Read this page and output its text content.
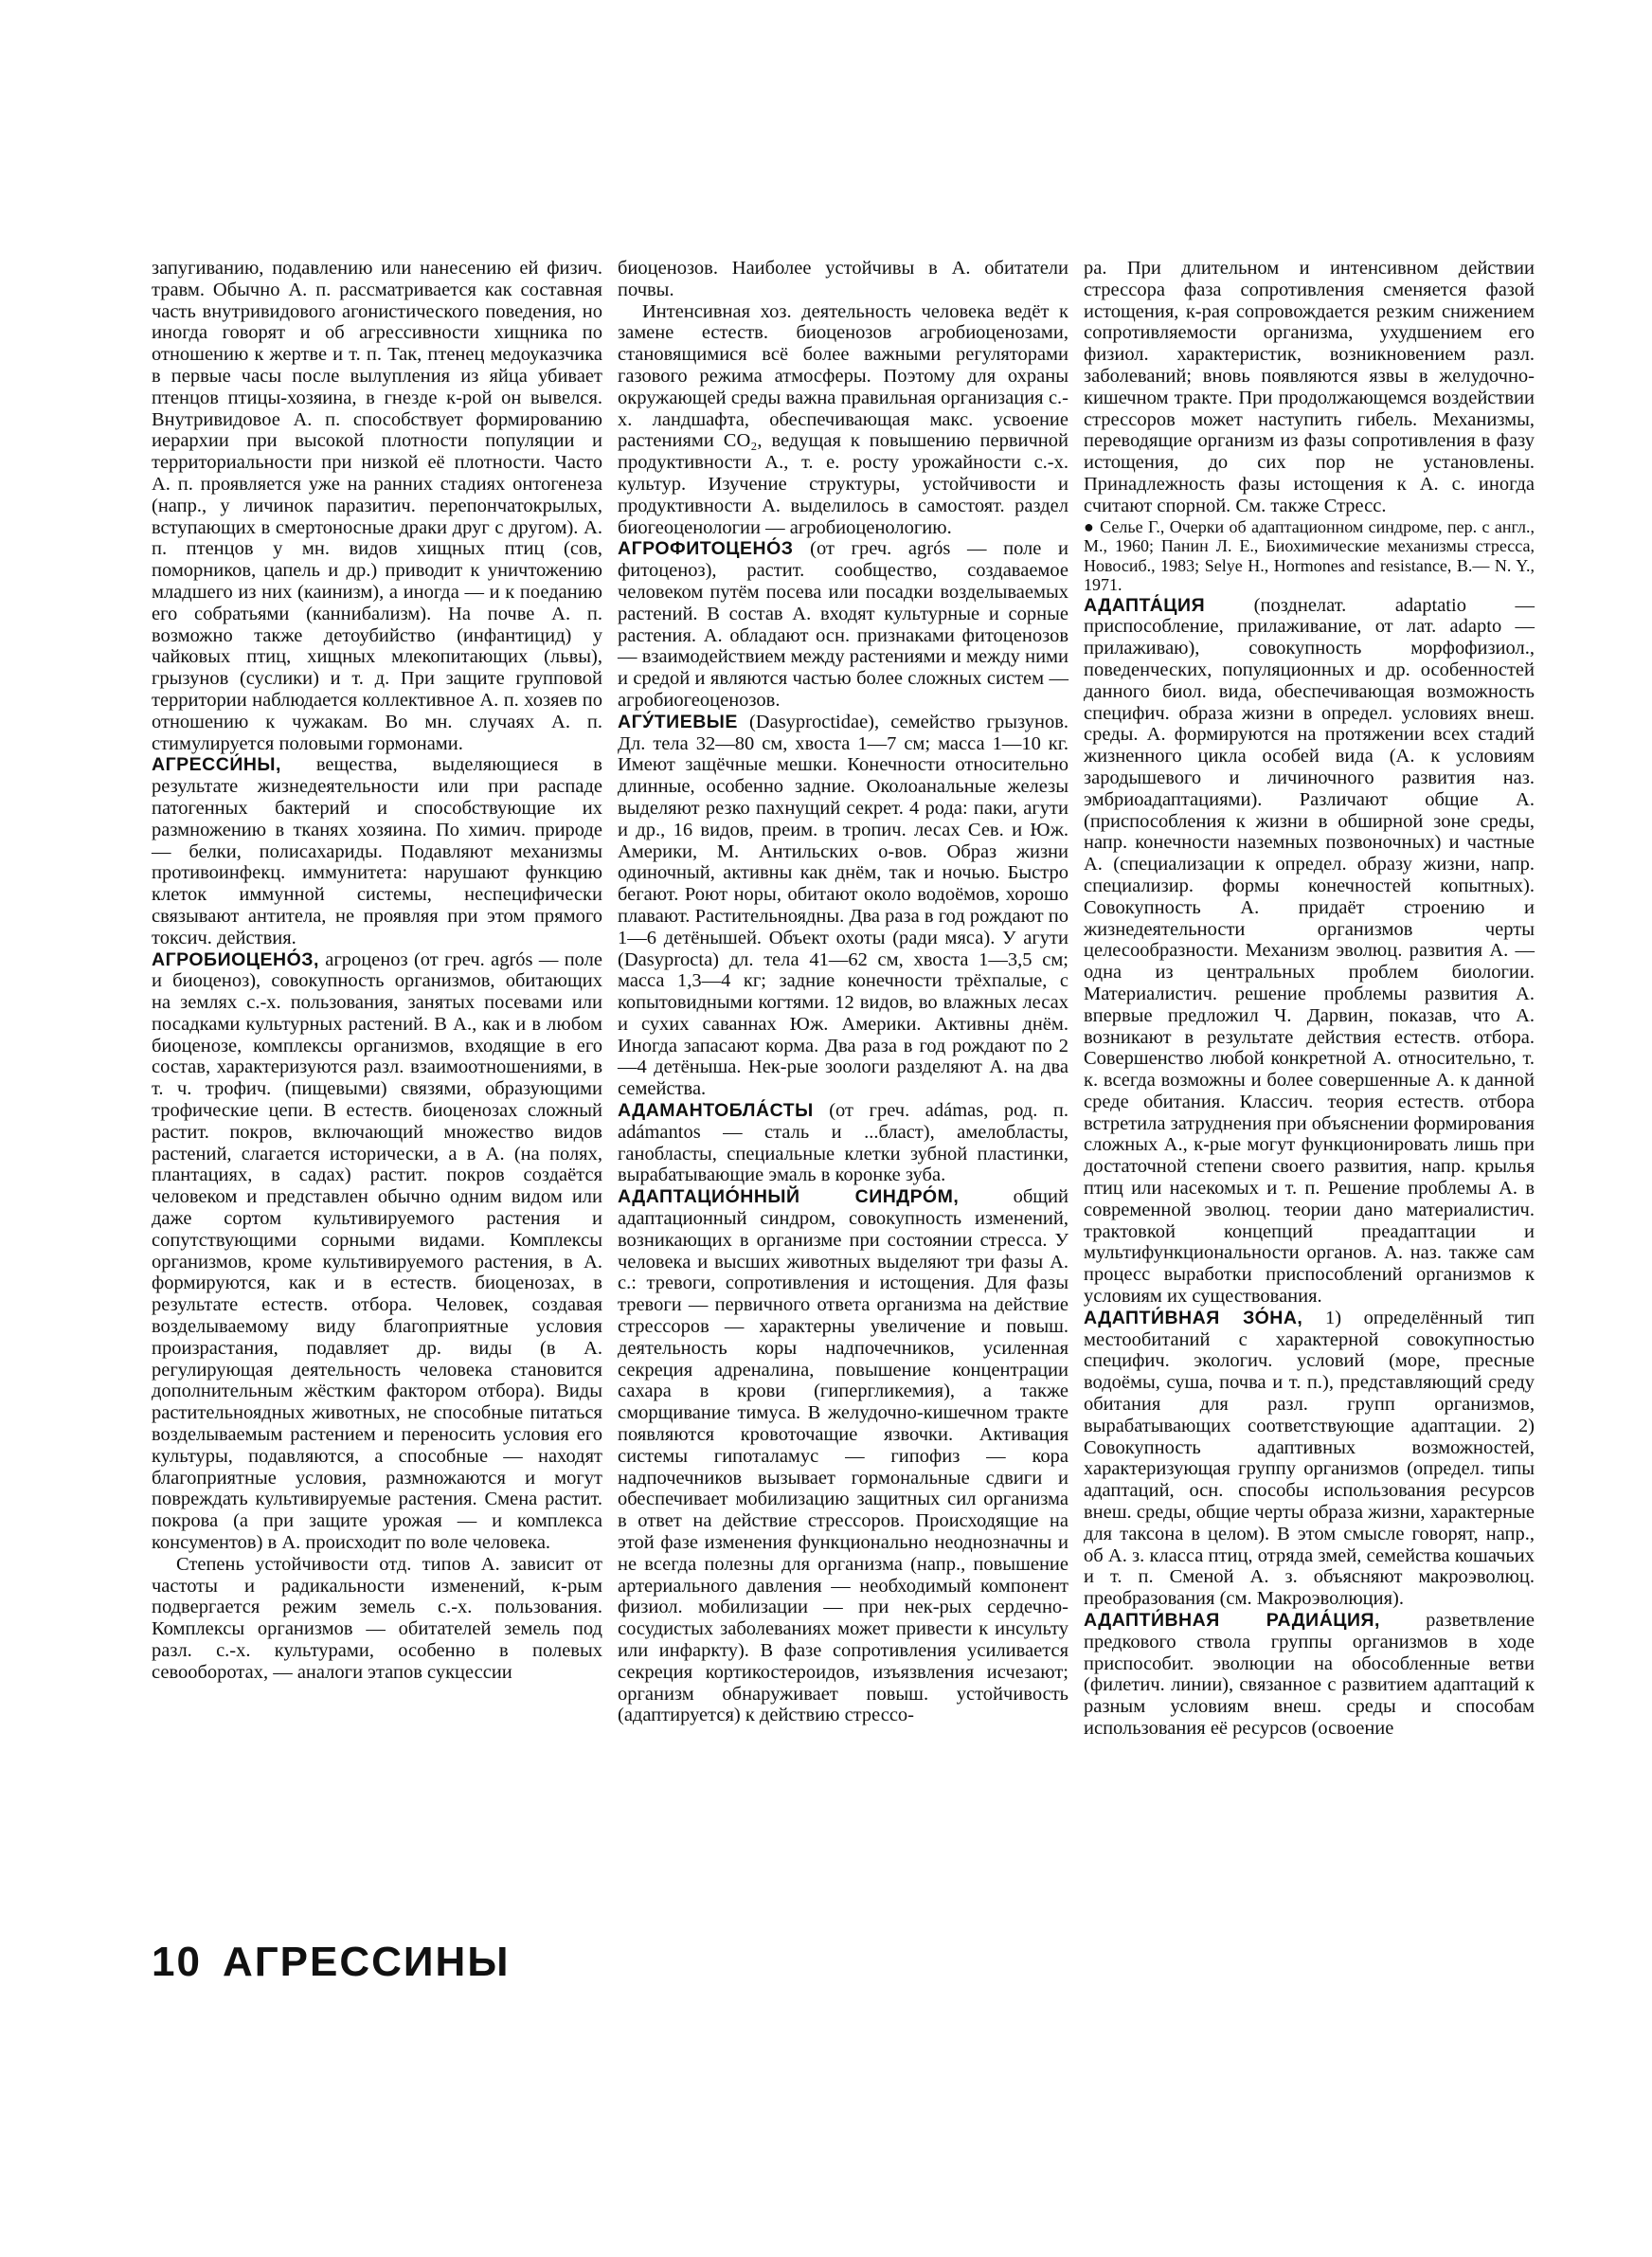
запугиванию, подавлению или нанесению ей физич. травм. Обычно А. п. рассматривается как составная часть внутривидового агонистического поведения, но иногда говорят и об агрессивности хищника по отношению к жертве и т. п. Так, птенец медоуказчика в первые часы после вылупления из яйца убивает птенцов птицы-хозяина, в гнезде к-рой он вывелся. Внутривидовое А. п. способствует формированию иерархии при высокой плотности популяции и территориальности при низкой её плотности. Часто А. п. проявляется уже на ранних стадиях онтогенеза (напр., у личинок паразитич. перепончатокрылых, вступающих в смертоносные драки друг с другом). А. п. птенцов у мн. видов хищных птиц (сов, поморников, цапель и др.) приводит к уничтожению младшего из них (каинизм), а иногда — и к поеданию его собратьями (каннибализм). На почве А. п. возможно также детоубийство (инфантицид) у чайковых птиц, хищных млекопитающих (львы), грызунов (суслики) и т. д. При защите групповой территории наблюдается коллективное А. п. хозяев по отношению к чужакам. Во мн. случаях А. п. стимулируется половыми гормонами.

АГРЕССИ́НЫ, вещества, выделяющиеся в результате жизнедеятельности или при распаде патогенных бактерий и способствующие их размножению в тканях хозяина. По химич. природе — белки, полисахариды. Подавляют механизмы противоинфекц. иммунитета: нарушают функцию клеток иммунной системы, неспецифически связывают антитела, не проявляя при этом прямого токсич. действия.

АГРОБИОЦЕНО́З, агроценоз (от греч. agrós — поле и биоценоз), совокупность организмов, обитающих на землях с.-х. пользования, занятых посевами или посадками культурных растений. В А., как и в любом биоценозе, комплексы организмов, входящие в его состав, характеризуются разл. взаимоотношениями, в т. ч. трофич. (пищевыми) связями, образующими трофические цепи. В естеств. биоценозах сложный растит. покров, включающий множество видов растений, слагается исторически, а в А. (на полях, плантациях, в садах) растит. покров создаётся человеком и представлен обычно одним видом или даже сортом культивируемого растения и сопутствующими сорными видами. Комплексы организмов, кроме культивируемого растения, в А. формируются, как и в естеств. биоценозах, в результате естеств. отбора. Человек, создавая возделываемому виду благоприятные условия произрастания, подавляет др. виды (в А. регулирующая деятельность человека становится дополнительным жёстким фактором отбора). Виды растительноядных животных, не способные питаться возделываемым растением и переносить условия его культуры, подавляются, а способные — находят благоприятные условия, размножаются и могут повреждать культивируемые растения. Смена растит. покрова (а при защите урожая — и комплекса консументов) в А. происходит по воле человека.

Степень устойчивости отд. типов А. зависит от частоты и радикальности изменений, к-рым подвергается режим земель с.-х. пользования. Комплексы организмов — обитателей земель под разл. с.-х. культурами, особенно в полевых севооборотах, — аналоги этапов сукцессии

биоценозов. Наиболее устойчивы в А. обитатели почвы.

Интенсивная хоз. деятельность человека ведёт к замене естеств. биоценозов агробиоценозами, становящимися всё более важными регуляторами газового режима атмосферы. Поэтому для охраны окружающей среды важна правильная организация с.-х. ландшафта, обеспечивающая макс. усвоение растениями CO₂, ведущая к повышению первичной продуктивности А., т. е. росту урожайности с.-х. культур. Изучение структуры, устойчивости и продуктивности А. выделилось в самостоят. раздел биогеоценологии — агробиоценологию.

АГРОФИТОЦЕНО́З (от греч. agrós — поле и фитоценоз), растит. сообщество, создаваемое человеком путём посева или посадки возделываемых растений. В состав А. входят культурные и сорные растения. А. обладают осн. признаками фитоценозов — взаимодействием между растениями и между ними и средой и являются частью более сложных систем — агробиогеоценозов.

АГУ́ТИЕВЫЕ (Dasyproctidae), семейство грызунов. Дл. тела 32—80 см, хвоста 1—7 см; масса 1—10 кг. Имеют защёчные мешки. Конечности относительно длинные, особенно задние. Околоанальные железы выделяют резко пахнущий секрет. 4 рода: паки, агути и др., 16 видов, преим. в тропич. лесах Сев. и Юж. Америки, М. Антильских о-вов. Образ жизни одиночный, активны как днём, так и ночью. Быстро бегают. Роют норы, обитают около водоёмов, хорошо плавают. Растительноядны. Два раза в год рождают по 1—6 детёнышей. Объект охоты (ради мяса). У агути (Dasyprocta) дл. тела 41—62 см, хвоста 1—3,5 см; масса 1,3—4 кг; задние конечности трёхпалые, с копытовидными когтями. 12 видов, во влажных лесах и сухих саваннах Юж. Америки. Активны днём. Иногда запасают корма. Два раза в год рождают по 2—4 детёныша. Нек-рые зоологи разделяют А. на два семейства.

АДАМАНТОБЛА́СТЫ (от греч. adámas, род. п. adámantos — сталь и ...бласт), амелобласты, ганобласты, специальные клетки зубной пластинки, вырабатывающие эмаль в коронке зуба.

АДАПТАЦИО́ННЫЙ СИНДРО́М, общий адаптационный синдром, совокупность изменений, возникающих в организме при состоянии стресса. У человека и высших животных выделяют три фазы А. с.: тревоги, сопротивления и истощения. Для фазы тревоги — первичного ответа организма на действие стрессоров — характерны увеличение и повыш. деятельность коры надпочечников, усиленная секреция адреналина, повышение концентрации сахара в крови (гипергликемия), а также сморщивание тимуса. В желудочно-кишечном тракте появляются кровоточащие язвочки. Активация системы гипоталамус — гипофиз — кора надпочечников вызывает гормональные сдвиги и обеспечивает мобилизацию защитных сил организма в ответ на действие стрессоров. Происходящие на этой фазе изменения функционально неоднозначны и не всегда полезны для организма (напр., повышение артериального давления — необходимый компонент физиол. мобилизации — при нек-рых сердечно-сосудистых заболеваниях может привести к инсульту или инфаркту). В фазе сопротивления усиливается секреция кортикостероидов, изъязвления исчезают; организм обнаруживает повыш. устойчивость (адаптируется) к действию стрессо-

ра. При длительном и интенсивном действии стрессора фаза сопротивления сменяется фазой истощения, к-рая сопровождается резким снижением сопротивляемости организма, ухудшением его физиол. характеристик, возникновением разл. заболеваний; вновь появляются язвы в желудочно-кишечном тракте. При продолжающемся воздействии стрессоров может наступить гибель. Механизмы, переводящие организм из фазы сопротивления в фазу истощения, до сих пор не установлены. Принадлежность фазы истощения к А. с. иногда считают спорной. См. также Стресс.

● Селье Г., Очерки об адаптационном синдроме, пер. с англ., М., 1960; Панин Л. Е., Биохимические механизмы стресса, Новосиб., 1983; Selye H., Hormones and resistance, B.— N. Y., 1971.

АДАПТА́ЦИЯ (позднелат. adaptatio — приспособление, прилаживание, от лат. adapto — прилаживаю), совокупность морфофизиол., поведенческих, популяционных и др. особенностей данного биол. вида, обеспечивающая возможность специфич. образа жизни в определ. условиях внеш. среды. А. формируются на протяжении всех стадий жизненного цикла особей вида (А. к условиям зародышевого и личиночного развития наз. эмбриоадаптациями). Различают общие А. (приспособления к жизни в обширной зоне среды, напр. конечности наземных позвоночных) и частные А. (специализации к определ. образу жизни, напр. специализир. формы конечностей копытных). Совокупность А. придаёт строению и жизнедеятельности организмов черты целесообразности. Механизм эволюц. развития А. — одна из центральных проблем биологии. Материалистич. решение проблемы развития А. впервые предложил Ч. Дарвин, показав, что А. возникают в результате действия естеств. отбора. Совершенство любой конкретной А. относительно, т. к. всегда возможны и более совершенные А. к данной среде обитания. Классич. теория естеств. отбора встретила затруднения при объяснении формирования сложных А., к-рые могут функционировать лишь при достаточной степени своего развития, напр. крылья птиц или насекомых и т. п. Решение проблемы А. в современной эволюц. теории дано материалистич. трактовкой концепций преадаптации и мультифункциональности органов. А. наз. также сам процесс выработки приспособлений организмов к условиям их существования.

АДАПТИ́ВНАЯ ЗО́НА, 1) определённый тип местообитаний с характерной совокупностью специфич. экологич. условий (море, пресные водоёмы, суша, почва и т. п.), представляющий среду обитания для разл. групп организмов, вырабатывающих соответствующие адаптации. 2) Совокупность адаптивных возможностей, характеризующая группу организмов (определ. типы адаптаций, осн. способы использования ресурсов внеш. среды, общие черты образа жизни, характерные для таксона в целом). В этом смысле говорят, напр., об А. з. класса птиц, отряда змей, семейства кошачьих и т. п. Сменой А. з. объясняют макроэволюц. преобразования (см. Макроэволюция).

АДАПТИ́ВНАЯ РАДИА́ЦИЯ, разветвление предкового ствола группы организмов в ходе приспособит. эволюции на обособленные ветви (филетич. линии), связанное с развитием адаптаций к разным условиям внеш. среды и способам использования её ресурсов (освоение

10 АГРЕССИНЫ
